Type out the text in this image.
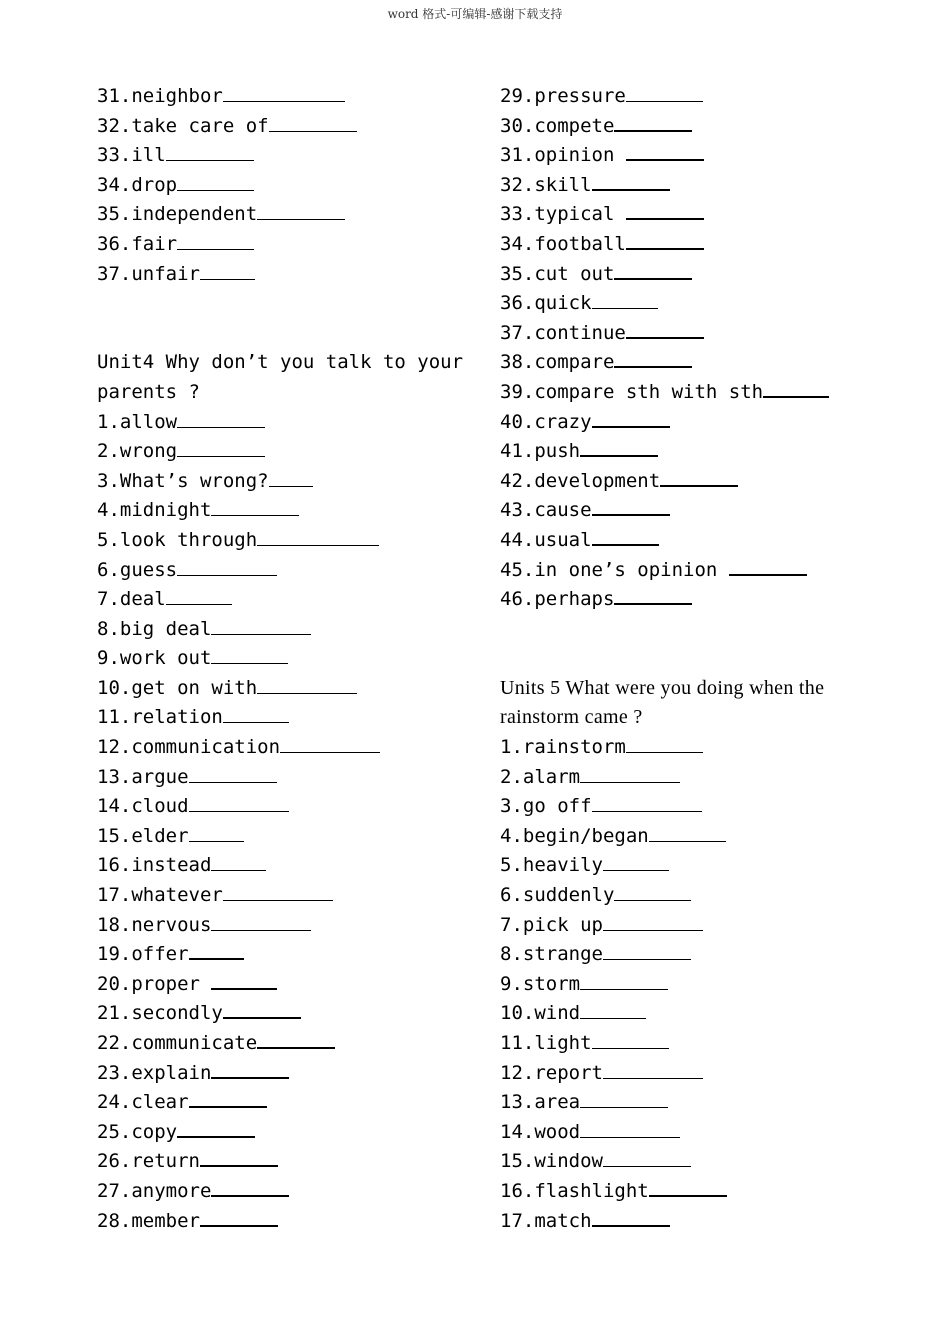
word 格式-可编辑-感谢下载支持
31.neighbor
32.take care of
33.ill
34.drop
35.independent
36.fair
37.unfair
Unit4 Why don’t you talk to your
parents ?
1.allow
2.wrong
3.What’s wrong?
4.midnight
5.look through
6.guess
7.deal
8.big deal
9.work out
10.get on with
11.relation
12.communication
13.argue
14.cloud
15.elder
16.instead
17.whatever
18.nervous
19.offer
20.proper
21.secondly
22.communicate
23.explain
24.clear
25.copy
26.return
27.anymore
28.member
29.pressure
30.compete
31.opinion
32.skill
33.typical
34.football
35.cut out
36.quick
37.continue
38.compare
39.compare sth with sth
40.crazy
41.push
42.development
43.cause
44.usual
45.in one’s opinion
46.perhaps
Units 5 What were you doing when the
rainstorm came ?
1.rainstorm
2.alarm
3.go off
4.begin/began
5.heavily
6.suddenly
7.pick up
8.strange
9.storm
10.wind
11.light
12.report
13.area
14.wood
15.window
16.flashlight
17.match
